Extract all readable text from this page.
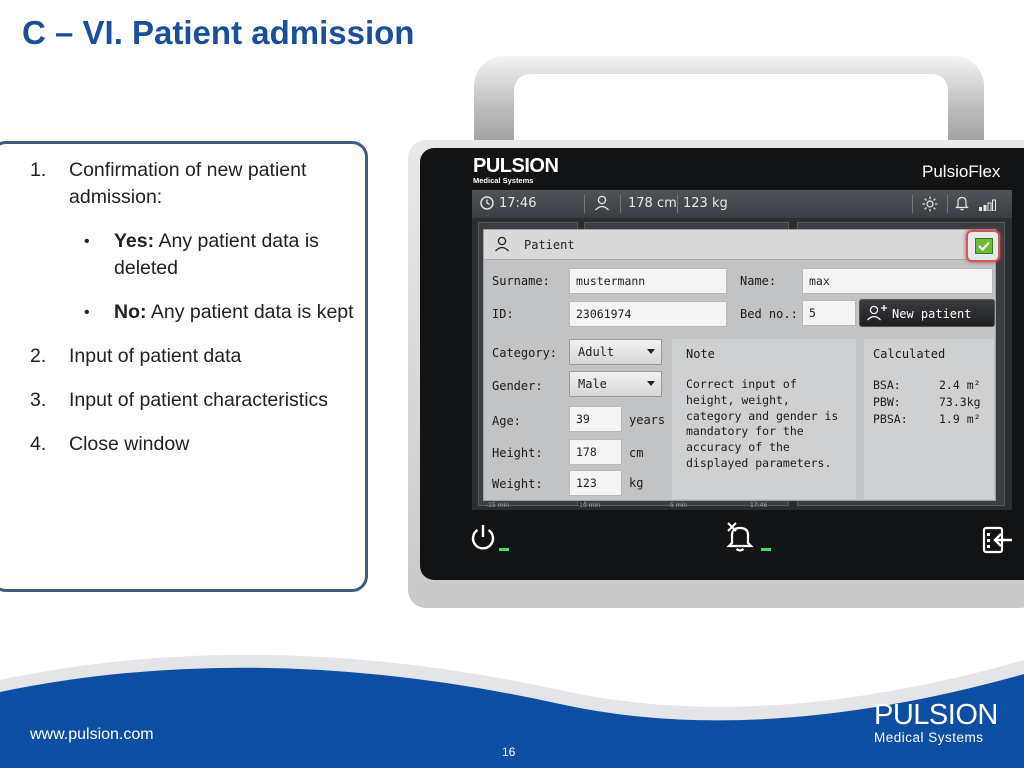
C – VI. Patient admission
1. Confirmation of new patient admission:
• Yes: Any patient data is deleted
• No: Any patient data is kept
2. Input of patient data
3. Input of patient characteristics
4. Close window
PULSION
Medical Systems	PulsioFlex
17:46	178 cm 123 kg
-15 min	-10 min	-5 min	17:46
Patient
Surname:	mustermann	Name:	max
ID:	23061974	Bed no.: 5	New patient
Category:	Adult
Gender:	Male
Age:	39	years
Height:	178	cm
Weight:	123	kg
Note
Correct input of height, weight, category and gender is mandatory for the accuracy of the displayed parameters.
Calculated
BSA:	2.4 m²
PBW:	73.3kg
PBSA:	1.9 m²
www.pulsion.com
16
PULSION
Medical Systems
